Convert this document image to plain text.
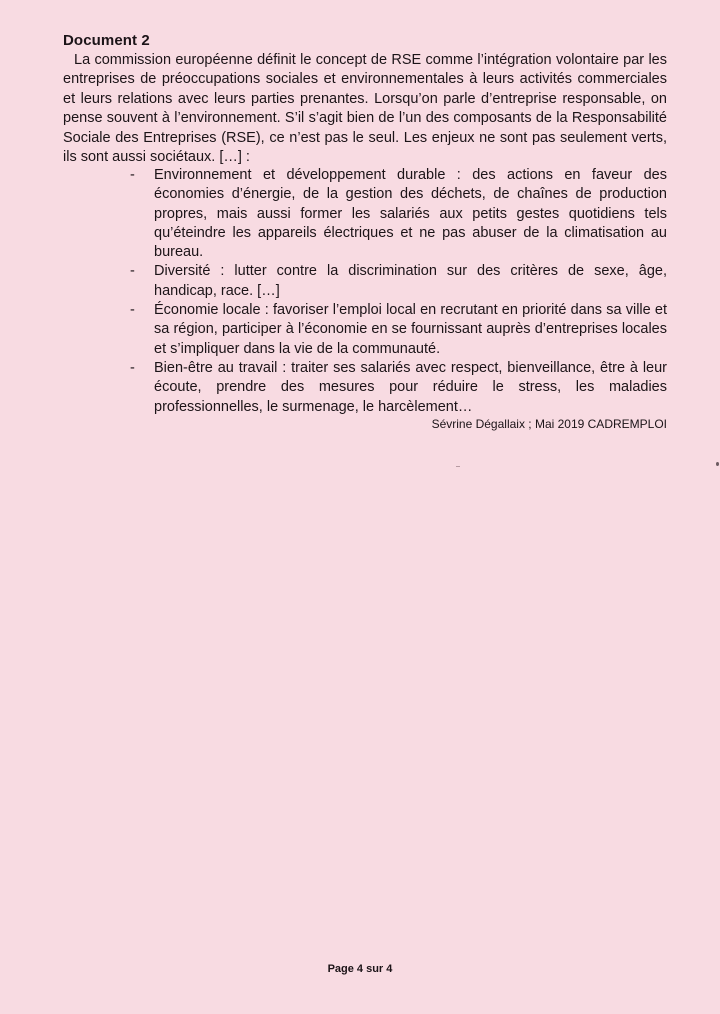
Document 2

La commission européenne définit le concept de RSE comme l’intégration volontaire par les entreprises de préoccupations sociales et environnementales à leurs activités commerciales et leurs relations avec leurs parties prenantes. Lorsqu’on parle d’entreprise responsable, on pense souvent à l’environnement. S’il s’agit bien de l’un des composants de la Responsabilité Sociale des Entreprises (RSE), ce n’est pas le seul. Les enjeux ne sont pas seulement verts, ils sont aussi sociétaux. […] :

- Environnement et développement durable : des actions en faveur des économies d’énergie, de la gestion des déchets, de chaînes de production propres, mais aussi former les salariés aux petits gestes quotidiens tels qu’éteindre les appareils électriques et ne pas abuser de la climatisation au bureau.
- Diversité : lutter contre la discrimination sur des critères de sexe, âge, handicap, race. […]
- Économie locale : favoriser l’emploi local en recrutant en priorité dans sa ville et sa région, participer à l’économie en se fournissant auprès d’entreprises locales et s’impliquer dans la vie de la communauté.
- Bien-être au travail : traiter ses salariés avec respect, bienveillance, être à leur écoute, prendre des mesures pour réduire le stress, les maladies professionnelles, le surmenage, le harcèlement…
Sévrine Dégallaix ; Mai 2019 CADREMPLOI
Page 4 sur 4
